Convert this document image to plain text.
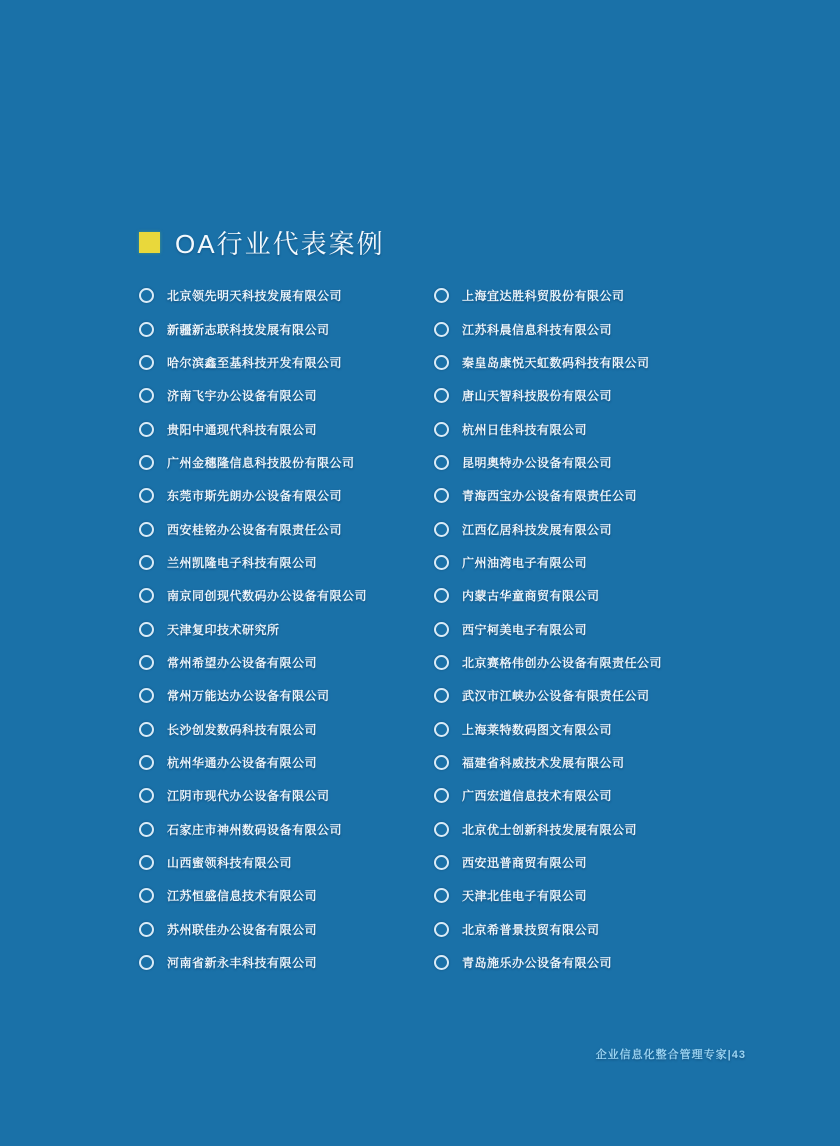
OA行业代表案例
北京领先明天科技发展有限公司
新疆新志联科技发展有限公司
哈尔滨鑫至基科技开发有限公司
济南飞宇办公设备有限公司
贵阳中通现代科技有限公司
广州金穗隆信息科技股份有限公司
东莞市斯先朗办公设备有限公司
西安桂铭办公设备有限责任公司
兰州凯隆电子科技有限公司
南京同创现代数码办公设备有限公司
天津复印技术研究所
常州希望办公设备有限公司
常州万能达办公设备有限公司
长沙创发数码科技有限公司
杭州华通办公设备有限公司
江阴市现代办公设备有限公司
石家庄市神州数码设备有限公司
山西蜜领科技有限公司
江苏恒盛信息技术有限公司
苏州联佳办公设备有限公司
河南省新永丰科技有限公司
上海宜达胜科贸股份有限公司
江苏科晨信息科技有限公司
秦皇岛康悦天虹数码科技有限公司
唐山天智科技股份有限公司
杭州日佳科技有限公司
昆明奥特办公设备有限公司
青海西宝办公设备有限责任公司
江西亿居科技发展有限公司
广州油湾电子有限公司
内蒙古华童商贸有限公司
西宁柯美电子有限公司
北京赛格伟创办公设备有限责任公司
武汉市江峡办公设备有限责任公司
上海莱特数码图文有限公司
福建省科威技术发展有限公司
广西宏道信息技术有限公司
北京优士创新科技发展有限公司
西安迅普商贸有限公司
天津北佳电子有限公司
北京希普景技贸有限公司
青岛施乐办公设备有限公司
企业信息化整合管理专家|43
